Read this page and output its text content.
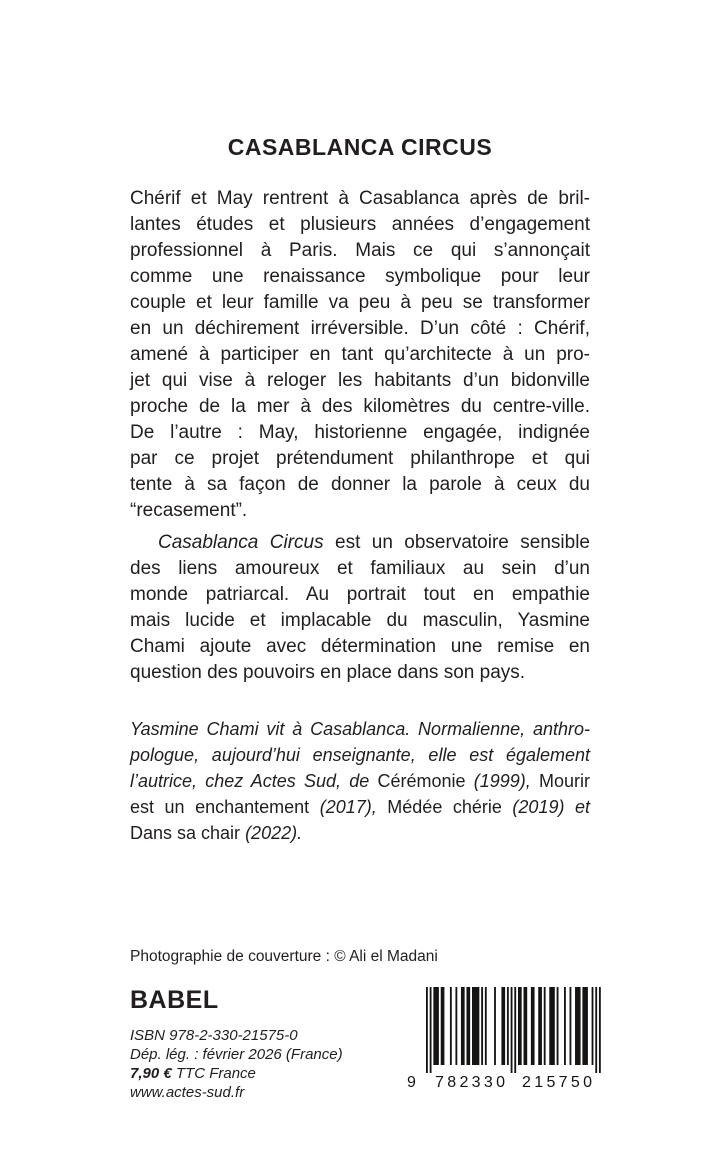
CASABLANCA CIRCUS
Chérif et May rentrent à Casablanca après de bril-
lantes études et plusieurs années d’engagement
professionnel à Paris. Mais ce qui s’annonçait
comme une renaissance symbolique pour leur
couple et leur famille va peu à peu se transformer
en un déchirement irréversible. D’un côté : Chérif,
amené à participer en tant qu’architecte à un pro-
jet qui vise à reloger les habitants d’un bidonville
proche de la mer à des kilomètres du centre-ville.
De l’autre : May, historienne engagée, indignée
par ce projet prétendument philanthrope et qui
tente à sa façon de donner la parole à ceux du
“recasement”.
Casablanca Circus est un observatoire sensible
des liens amoureux et familiaux au sein d’un
monde patriarcal. Au portrait tout en empathie
mais lucide et implacable du masculin, Yasmine
Chami ajoute avec détermination une remise en
question des pouvoirs en place dans son pays.
Yasmine Chami vit à Casablanca. Normalienne, anthro-
pologue, aujourd’hui enseignante, elle est également
l’autrice, chez Actes Sud, de Cérémonie (1999), Mourir
est un enchantement (2017), Médée chérie (2019) et
Dans sa chair (2022).
Photographie de couverture : © Ali el Madani
BABEL
ISBN 978-2-330-21575-0
Dép. lég. : février 2026 (France)
7,90 € TTC France
www.actes-sud.fr
9 782330 215750
